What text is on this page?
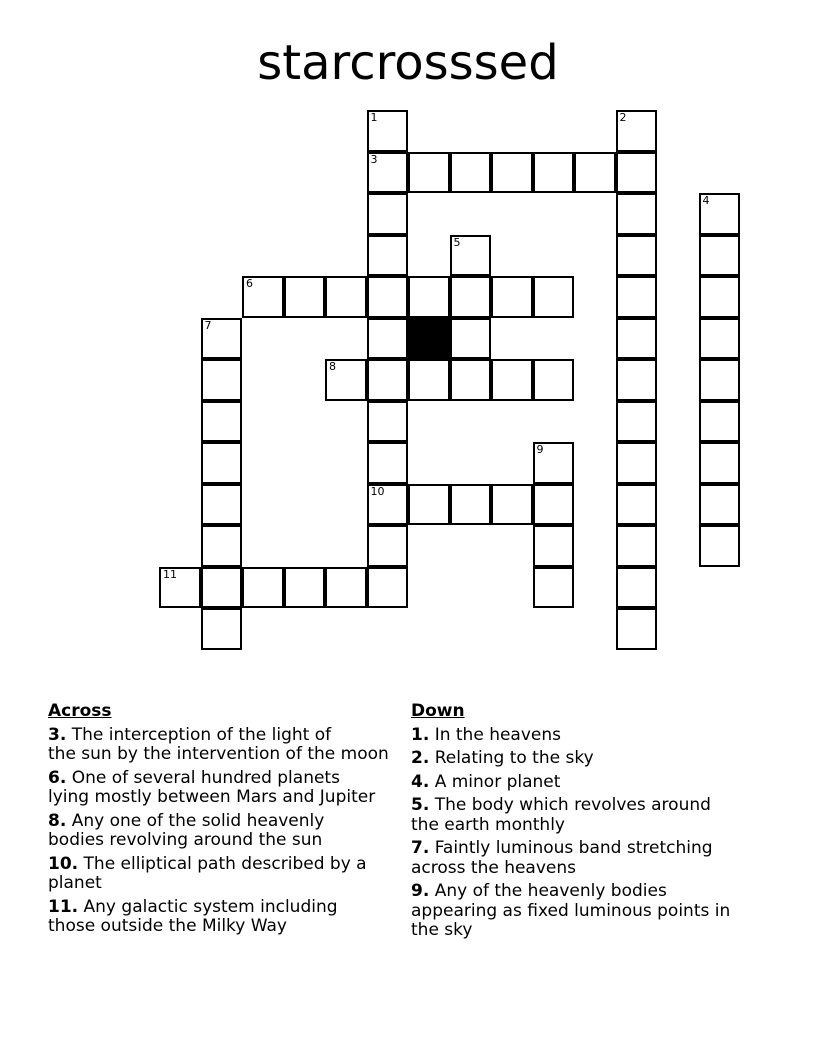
starcrosssed
1	2
3
4
5
6
7
8
9
10
11
Across
3. The interception of the light of
the sun by the intervention of the moon
6. One of several hundred planets
lying mostly between Mars and Jupiter
8. Any one of the solid heavenly
bodies revolving around the sun
10. The elliptical path described by a
planet
11. Any galactic system including
those outside the Milky Way
Down
1. In the heavens
2. Relating to the sky
4. A minor planet
5. The body which revolves around
the earth monthly
7. Faintly luminous band stretching
across the heavens
9. Any of the heavenly bodies
appearing as fixed luminous points in
the sky
